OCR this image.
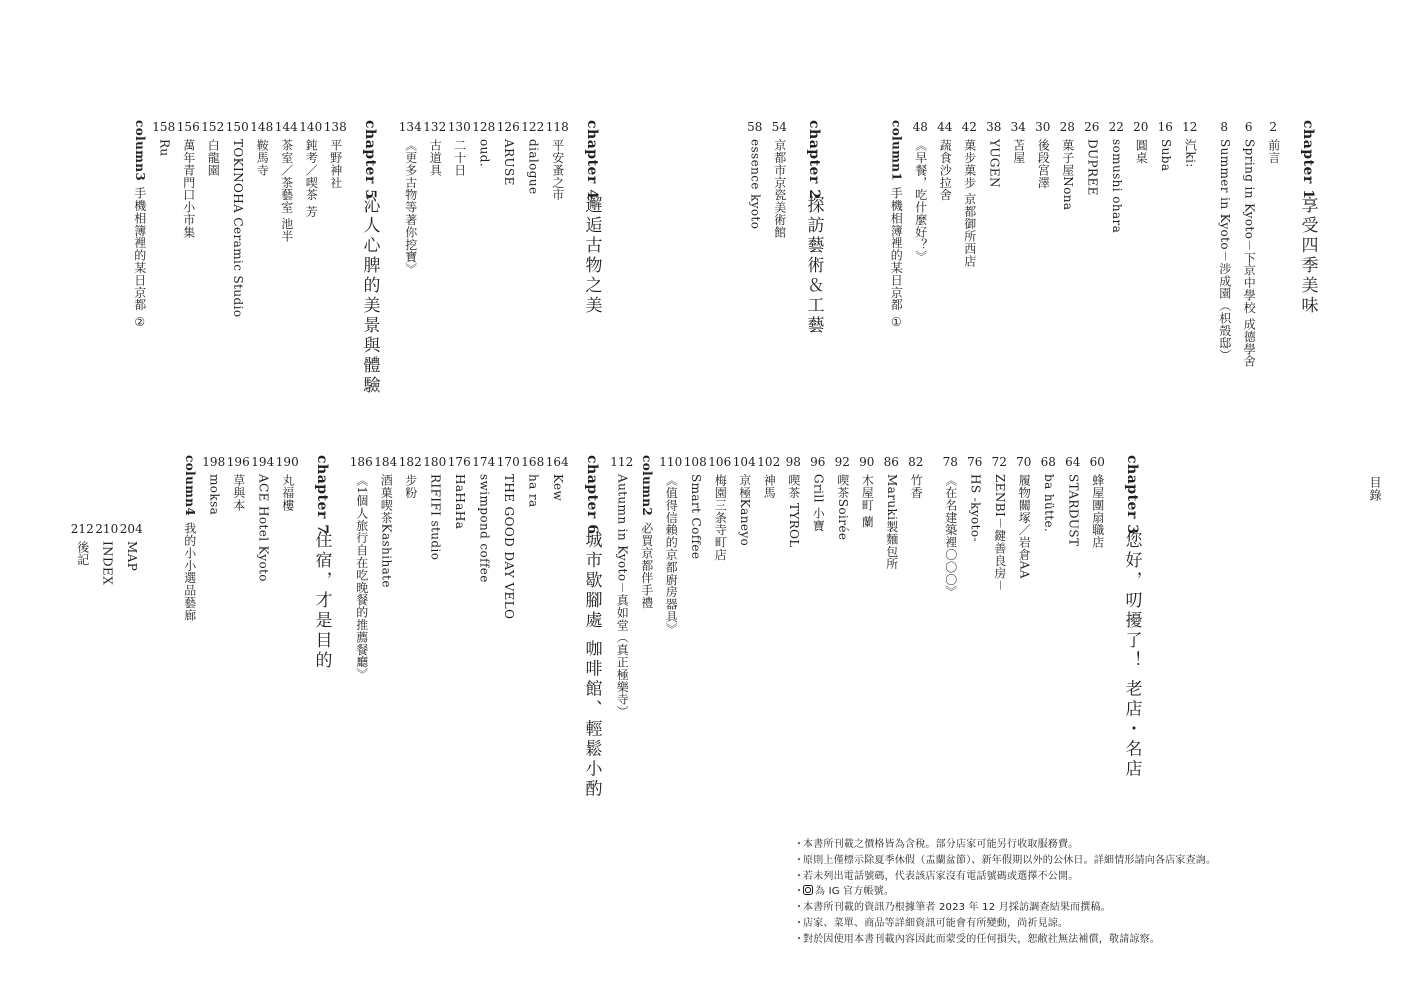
目錄
chapter 1
享受四季美味
2
前言
6
Spring in Kyoto－下京中學校 成德學舍
8
Summer in Kyoto－涉成園（枳殼邸）
12
汽ki:
16
Suba
20
圓桌
22
somushi ohara
26
DUPREE
28
菓子屋Nona
30
後段宮澤
34
苫屋
38
YUGEN
42
菓步菓步 京都御所西店
44
蔬食沙拉舍
48
《早餐，吃什麼好？》

column1手機相簿裡的某日京都 ①
chapter 2
探訪藝術＆工藝
54
京都市京瓷美術館
58
essence kyoto
chapter 4
邂逅古物之美
118
平安蚤之市
122
dialogue
126
ARUSE
128
oud.
130
二十日
132
古道具
134
《更多古物等著你挖寶》
chapter 5
沁人心脾的美景與體驗
138
平野神社
140
鈍考／喫茶 芳
144
茶室／茶藝室 池半
148
鞍馬寺
150
TOKINOHA Ceramic Studio
152
白龍園
156
萬年青門口小市集
158
Ru

column3手機相簿裡的某日京都 ②
chapter 3
您好，叨擾了！ 老店・名店
60
蜂屋團扇職店
64
STARDUST
68
ba hütte.
70
履物關塚／岩倉AA
72
ZENBI－鍵善良房－
76
HS -kyoto-
78
《在名建築裡〇〇〇》
82
竹香
86
Maruki製麵包所
90
木屋町 蘭
92
喫茶Soirée
96
Grill 小寶
98
喫茶 TYROL
102
神馬
104
京極Kaneyo
106
梅園三条寺町店
108
Smart Coffee
110
《值得信賴的京都廚房器具》

column2必買京都伴手禮
112
Autumn in Kyoto－真如堂（真正極樂寺）
chapter 6
城市歇腳處 咖啡館、輕鬆小酌
164
Kew
168
ha ra
170
THE GOOD DAY VELO
174
swimpond coffee
176
HaHaHa
180
RIFIFI studio
182
步粉
184
酒菓喫茶Kashihate
186
《1個人旅行自在吃晚餐的推薦餐廳》
chapter 7
住宿，才是目的
190
丸福樓
194
ACE Hotel Kyoto
196
草與本
198
moksa

column4我的小小選品藝廊
204
MAP
210
INDEX
212
後記
・本書所刊載之價格皆為含稅。部分店家可能另行收取服務費。
・原則上僅標示除夏季休假（盂蘭盆節）、新年假期以外的公休日。詳細情形請向各店家查詢。
・若未列出電話號碼，代表該店家沒有電話號碼或選擇不公開。
・ 為 IG 官方帳號。
・本書所刊載的資訊乃根據筆者 2023 年 12 月採訪調查結果而撰稿。
・店家、菜單、商品等詳細資訊可能會有所變動，尚祈見諒。
・對於因使用本書刊載內容因此而蒙受的任何損失，恕敝社無法補償，敬請諒察。
